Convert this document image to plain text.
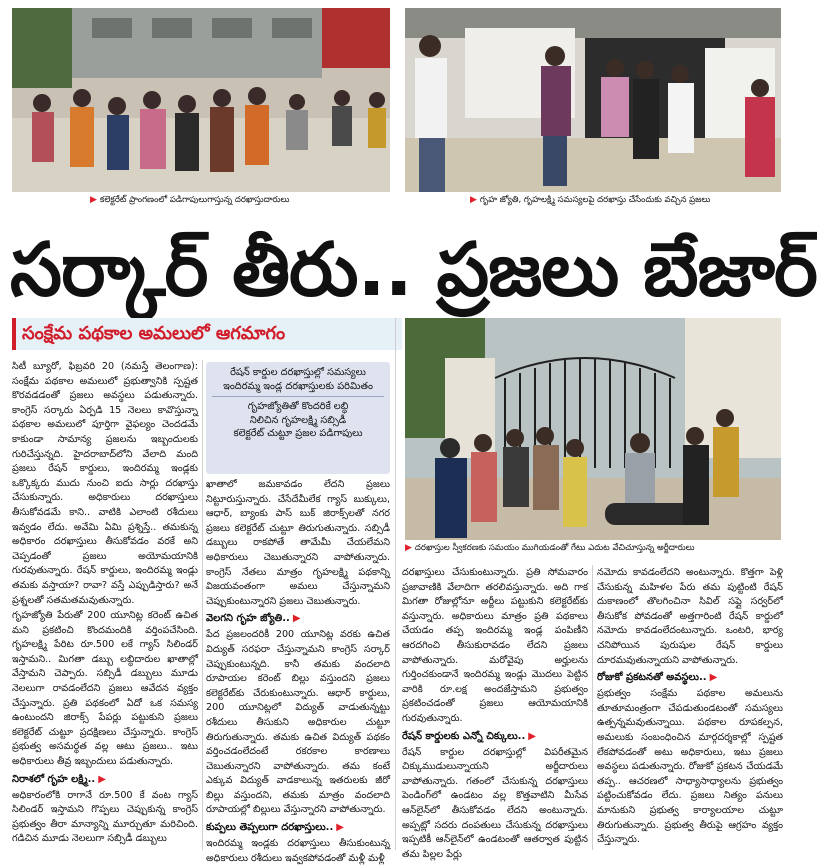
▶ కలెక్టరేట్ ప్రాంగణంలో పడిగాపులుగాస్తున్న దరఖాస్తుదారులు	▶ గృహ జ్యోతి, గృహలక్ష్మి సమస్యలపై దరఖాస్తు చేసేందుకు వచ్చిన ప్రజలు
సర్కార్ తీరు.. ప్రజలు బేజార్
సంక్షేమ పథకాల అమలులో ఆగమాగం
▶ దరఖాస్తుల స్వీకరణకు సమయం ముగియడంతో గేటు ఎదుట వేచిచూస్తున్న అర్జీదారులు

సిటీ బ్యూరో, ఫిబ్రవరి 20 (నమస్తే తెలంగాణ): సంక్షేమ పథకాల అమలులో ప్రభుత్వానికి స్పష్టత కొరవడడంతో ప్రజలు అవస్థలు పడుతున్నారు. కాంగ్రెస్ సర్కారు ఏర్పడి 15 నెలలు కావొస్తున్నా పథకాల అమలులో పూర్తిగా వైఫల్యం చెందడమే కాకుండా సామాన్య ప్రజలను ఇబ్బందులకు గురిచేస్తున్నది. హైదరాబాద్‌లోని వేలాది మంది ప్రజలు రేషన్ కార్డులు, ఇందిరమ్మ ఇండ్లకు ఒక్కొక్కరు ముదు నుంచి ఐదు సార్లు దరఖాస్తు చేసుకున్నారు. అధికారులు దరఖాస్తులు తీసుకోవడమే కాని.. వాటికి ఎలాంటి రశీదులు ఇవ్వడం లేదు. అవేమి ఏమి ప్రశ్నిస్తే.. తమకున్న అధికారం దరఖాస్తులు తీసుకోవడం వరకే అని చెప్పడంతో ప్రజలు అయోమయానికి గురవుతున్నారు. రేషన్ కార్డులు, ఇందిరమ్మ ఇండ్లు తమకు వస్తాయా? రావా? వస్తే ఎప్పుడిస్తారు? అనే ప్రశ్నలతో సతమతమవుతున్నారు.

గృహజ్యోతి పేరుతో 200 యూనిట్ల కరెంట్ ఉచిత మని ప్రకటించి కొందమందికి వర్తింపచేసింది. గృహలక్ష్మి పేరిట రూ.500 లకే గ్యాస్ సిలిండర్ ఇస్తామని.. మిగతా డబ్బు లబ్ధిదారుల ఖాతాల్లో వేస్తామని చెప్పారు. సబ్సిడీ డబ్బులు మూడు నెలలుగా రావడంలేదని ప్రజలు ఆవేదన వ్యక్తం చేస్తున్నారు. ప్రతి పథకంలో ఏదో ఒక సమస్య ఉంటుందని జిరాక్స్ పేపర్లు పట్టుకుని ప్రజలు కలెక్టరేట్ చుట్టూ ప్రదక్షిణలు చేస్తున్నారు. కాంగ్రెస్ ప్రభుత్వ అసమర్థత వల్ల ఆటు ప్రజలు.. ఇటు అధికారులు తీవ్ర ఇబ్బందులు పడుతున్నారు.

నిరాశలో గృహ లక్ష్మి.. ▶

అధికారంలోకి రాగానే రూ.500 కే వంట గ్యాస్ సిలిండర్ ఇస్తామని గొప్పలు చెప్పుకున్న కాంగ్రెస్ ప్రభుత్వం తీరా మాన్యాన్ని మూర్చుతూ మరిచింది. గడిచిన మూడు నెలలుగా సబ్సిడీ డబ్బులు

రేషన్ కార్డుల దరఖాస్తుల్లో సమస్యలు
ఇందిరమ్మ ఇండ్ల దరఖాస్తులకు పరిమితం
గృహజ్యోతితో కొందరికే లబ్ధి
నిలిచిన గృహలక్ష్మి సబ్సిడీ
కలెక్టరేట్ చుట్టూ ప్రజల పడిగాపులు

ఖాతాలో జమకావడం లేదని ప్రజలు నిట్టూరుస్తున్నారు. చేసేదేమీలేక గ్యాస్ బుక్కులు, ఆధార్, బ్యాంకు పాస్ బుక్ జిరాక్స్‌లతో నగర ప్రజలు కలెక్టరేట్ చుట్టూ తిరుగుతున్నారు. సబ్సిడీ డబ్బులు రాకపోతే తామేమీ చేయలేమని అధికారులు చెబుతున్నారని వాపోతున్నారు. కాంగ్రెస్ నేతలు మాత్రం గృహలక్ష్మి పథకాన్ని విజయవంతంగా అమలు చేస్తున్నామని చెప్పుకుంటున్నారని ప్రజలు చెబుతున్నారు.

వెలగని గృహ జ్యోతి.. ▶

పేద ప్రజలందరికీ 200 యూనిట్ల వరకు ఉచిత విద్యుత్ సరఫరా చేస్తున్నామని కాంగ్రెస్ సర్కార్ చెప్పుకుంటున్నది. కానీ తమకు వందలాది రూపాయల కరెంట్ బిల్లు వస్తుందని ప్రజలు కలెక్టరేట్‌కు చేరుకుంటున్నారు. ఆధార్ కార్డులు, 200 యూనిట్లలో విద్యుత్ వాడుతున్నట్టు రశీదులు తీసుకుని అధికారుల చుట్టూ తిరుగుతున్నారు. తమకు ఉచిత విద్యుత్ పథకం వర్తించడంలేదంటే రకరకాల కారణాలు చెబుతున్నారని వాపోతున్నారు. తమ కంటే ఎక్కువ విద్యుత్ వాడకాలున్న ఇతరులకు జీరో బిల్లు వస్తుందని, తమకు మాత్రం వందలాది రూపాయల్లో బిల్లులు వేస్తున్నారని వాపోతున్నారు.

కుప్పలు తెప్పలుగా దరఖాస్తులు.. ▶

ఇందిరమ్మ ఇండ్లకు దరఖాస్తులు తీసుకుంటున్న అధికారులు రశీదులు ఇవ్వకపోవడంతో మళ్లీ మళ్లీ

దరఖాస్తులు చేసుకుంటున్నారు. ప్రతి సోమవారం ప్రజావాణికి వేలాదిగా తరలివస్తున్నారు. అది గాక మిగతా రోజుల్లోనూ అర్జీలు పట్టుకుని కలెక్టరేట్‌కు వస్తున్నారు. అధికారులు మాత్రం ప్రతి పథకాలు చేయడం తప్ప ఇందిరమ్మ ఇండ్ల పంపిణీని ఆరదగించి తీసుకురావడం లేదని ప్రజలు వాపోతున్నారు. మరోవైపు అర్హులను గుర్తించకుండానే ఇందిరమ్మ ఇండ్లు మొదలు పెట్టిన వారికి రూ.లక్ష అందజేస్తామని ప్రభుత్వం ప్రకటించడంతో ప్రజలు ఆయోమయానికి గురవుతున్నారు.

రేషన్ కార్డులకు ఎన్నో చిక్కులు.. ▶

రేషన్ కార్డుల దరఖాస్తుల్లో విపరీతమైన చిక్కుముడులున్నాయని అర్జీదారులు వాపోతున్నారు. గతంలో చేసుకున్న దరఖాస్తులు పెండింగ్‌లో ఉండటం వల్ల కొత్తవాటిని మీసేవ ఆన్‌లైన్‌లో తీసుకోవడం లేదని అంటున్నారు. అప్పట్లో సదరు దంపతులు చేసుకున్న దరఖాస్తులు ఇప్పటికీ ఆన్‌లైన్‌లో ఉండటంతో ఆతర్వాత పుట్టిన తమ పిల్లల పేర్లు

నమోదు కావడంలేదని అంటున్నారు. కొత్తగా పెళ్లి చేసుకున్న మహిళల పేరు తమ పుట్టింటి రేషన్ దుకాణంలో తొలగించినా సివిల్ సప్లై సర్వర్‌లో తీసుకోక పోవడంతో అత్తగారింటి రేషన్ కార్డులో నమోదు కావడంలేదంటున్నారు. ఒంటరి, భార్య చనిపోయిన పురుషుల రేషన్ కార్డులు దూరమవుతున్నాయని వాపోతున్నారు.

రోజుకో ప్రకటనతో అవస్థలు.. ▶

ప్రభుత్వం సంక్షేమ పథకాల అమలును తూతూమంత్రంగా చేపడుతుండటంతో సమస్యలు ఉత్పన్నమవుతున్నాయి. పథకాల రూపకల్పన, అమలుకు సంబంధించిన మార్గదర్శకాల్లో స్పష్టత లేకపోవడంతో అటు అధికారులు, ఇటు ప్రజలు అవస్థలు పడుతున్నారు. రోజుకో ప్రకటన చేయడమే తప్ప.. ఆచరణలో సాధ్యాసాధ్యాలను ప్రభుత్వం పట్టించుకోవడం లేదు. ప్రజలు నిత్యం పనులు మానుకుని ప్రభుత్వ కార్యాలయాల చుట్టూ తిరుగుతున్నారు. ప్రభుత్వ తీరుపై ఆగ్రహం వ్యక్తం చేస్తున్నారు.
